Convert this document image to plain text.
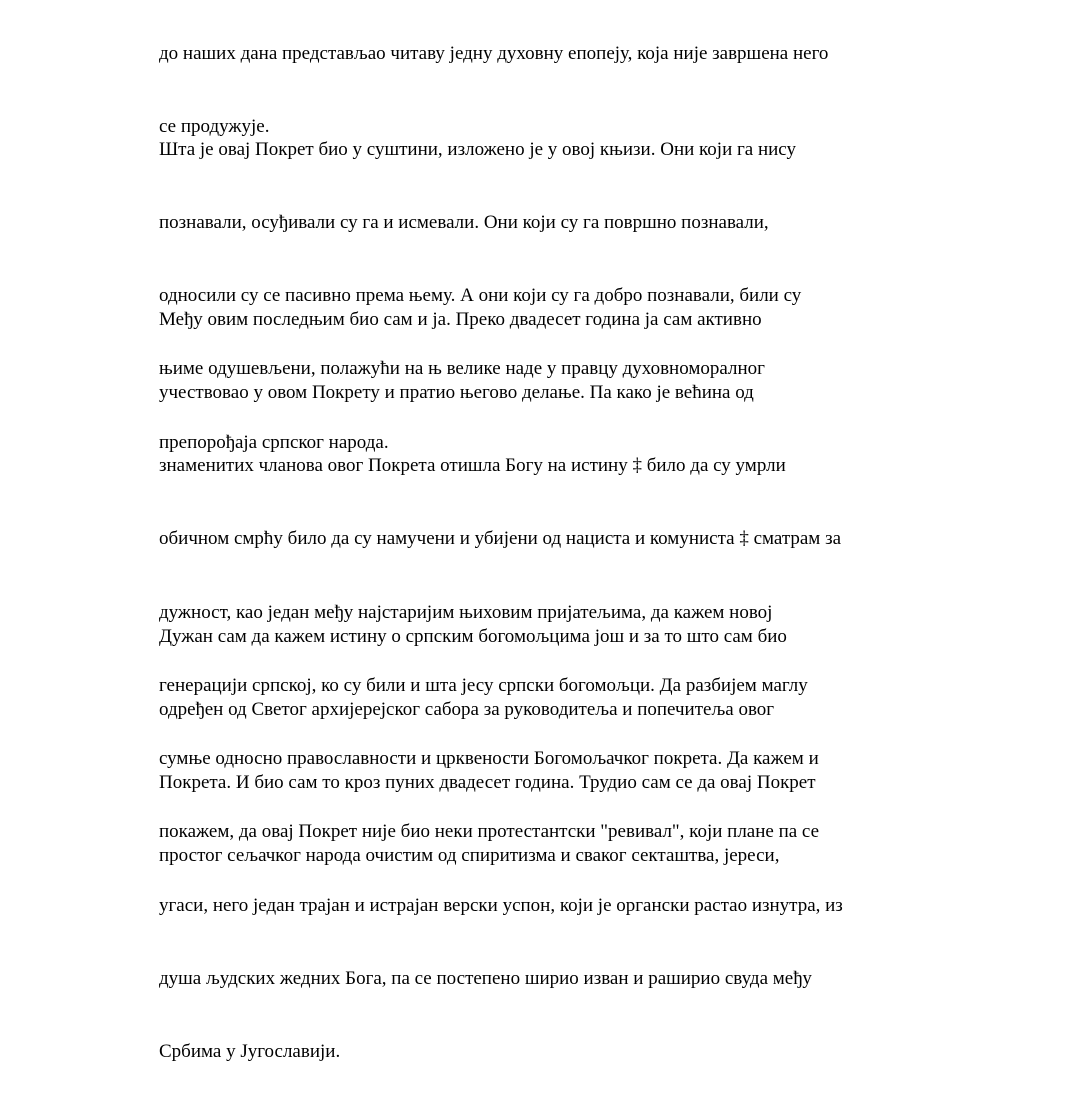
до наших дана представљао читаву једну духовну епопеју, која није завршена него

се продужује.

Шта је овај Покрет био у суштини, изложено је у овој књизи. Они који га нису

познавали, осуђивали су га и исмевали. Они који су га површно познавали,

односили су се пасивно према њему. А они који су га добро познавали, били су

њиме одушевљени, полажући на њ велике наде у правцу духовноморалног

препорођаја српског народа.

Међу овим последњим био сам и ја. Преко двадесет година ја сам активно

учествовао у овом Покрету и пратио његово делање. Па како је већина од

знаменитих чланова овог Покрета отишла Богу на истину ‡ било да су умрли

обичном смрћу било да су намучени и убијени од нациста и комуниста ‡ сматрам за

дужност, као један међу најстаријим њиховим пријатељима, да кажем новој

генерацији српској, ко су били и шта јесу српски богомољци. Да разбијем маглу

сумње односно православности и црквености Богомољачког покрета. Да кажем и

покажем, да овај Покрет није био неки протестантски "ревивал", који плане па се

угаси, него један трајан и истрајан верски успон, који је органски растао изнутра, из

душа људских жедних Бога, па се постепено ширио изван и раширио свуда међу

Србима у Југославији.

Дужан сам да кажем истину о српским богомољцима још и за то што сам био

одређен од Светог архијерејског сабора за руководитеља и попечитеља овог

Покрета. И био сам то кроз пуних двадесет година. Трудио сам се да овај Покрет

простог сељачког народа очистим од спиритизма и сваког секташтва, јереси,
